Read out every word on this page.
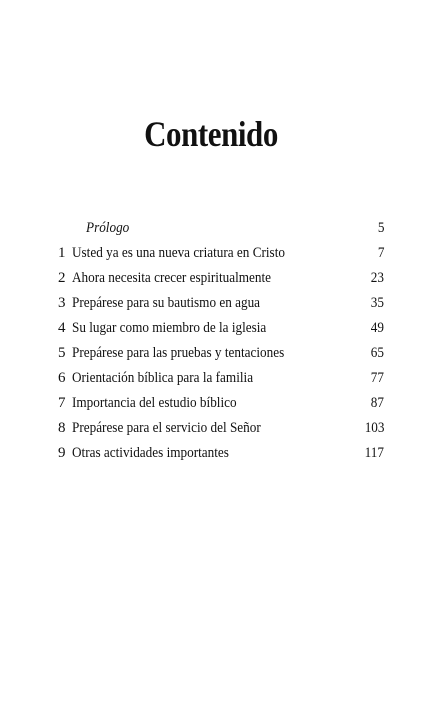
Contenido
Prólogo	5
1 Usted ya es una nueva criatura en Cristo	7
2 Ahora necesita crecer espiritualmente	23
3 Prepárese para su bautismo en agua	35
4 Su lugar como miembro de la iglesia	49
5 Prepárese para las pruebas y tentaciones	65
6 Orientación bíblica para la familia	77
7 Importancia del estudio bíblico	87
8 Prepárese para el servicio del Señor	103
9 Otras actividades importantes	117
